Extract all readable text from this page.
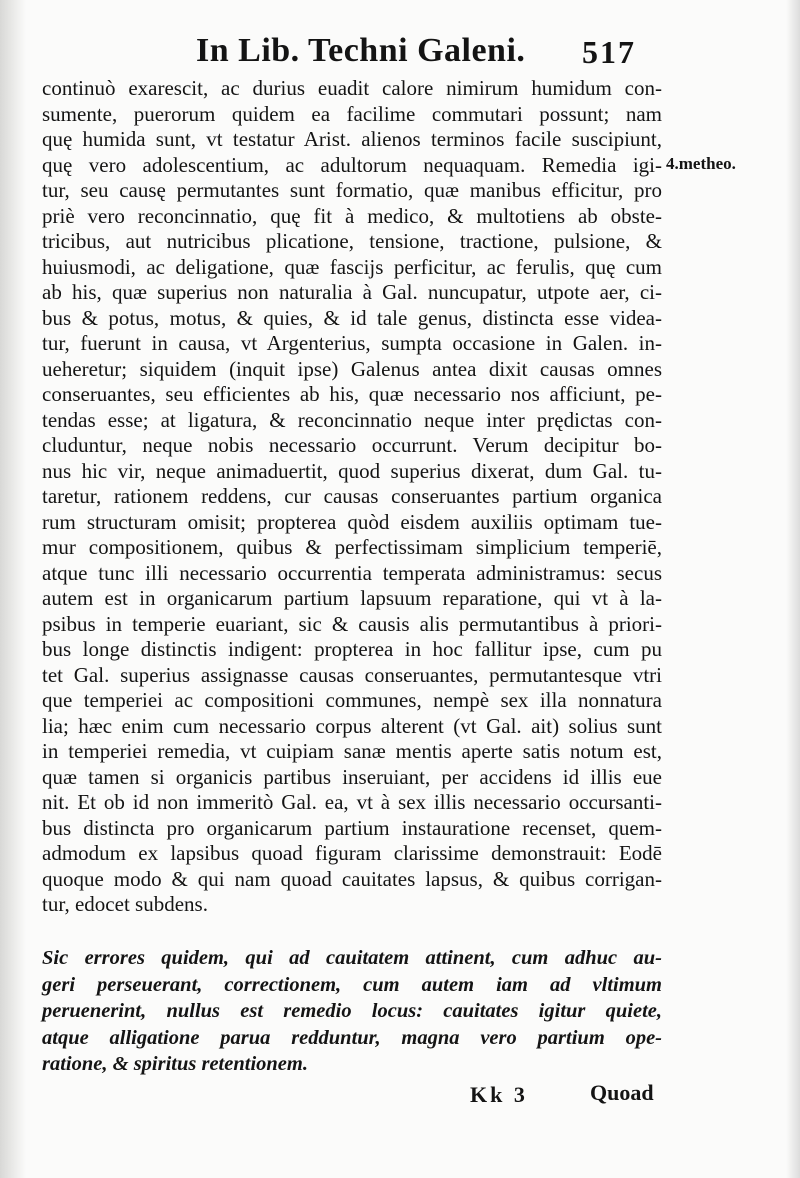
In Lib. Techni Galeni. 517
4.metheo.
continuò exarescit, ac durius euadit calore nimirum humidum con-
sumente, puerorum quidem ea facilime commutari possunt; nam
quę humida sunt, vt testatur Arist. alienos terminos facile suscipiunt,
quę vero adolescentium, ac adultorum nequaquam. Remedia igi-
tur, seu causę permutantes sunt formatio, quæ manibus efficitur, pro
priè vero reconcinnatio, quę fit à medico, & multotiens ab obste-
tricibus, aut nutricibus plicatione, tensione, tractione, pulsione, &
huiusmodi, ac deligatione, quæ fascijs perficitur, ac ferulis, quę cum
ab his, quæ superius non naturalia à Gal. nuncupatur, utpote aer, ci-
bus & potus, motus, & quies, & id tale genus, distincta esse videa-
tur, fuerunt in causa, vt Argenterius, sumpta occasione in Galen. in-
ueheretur; siquidem (inquit ipse) Galenus antea dixit causas omnes
conseruantes, seu efficientes ab his, quæ necessario nos afficiunt, pe-
tendas esse; at ligatura, & reconcinnatio neque inter prędictas con-
cluduntur, neque nobis necessario occurrunt. Verum decipitur bo-
nus hic vir, neque animaduertit, quod superius dixerat, dum Gal. tu-
taretur, rationem reddens, cur causas conseruantes partium organica
rum structuram omisit; propterea quòd eisdem auxiliis optimam tue-
mur compositionem, quibus & perfectissimam simplicium temperiē,
atque tunc illi necessario occurrentia temperata administramus: secus
autem est in organicarum partium lapsuum reparatione, qui vt à la-
psibus in temperie euariant, sic & causis alis permutantibus à priori-
bus longe distinctis indigent: propterea in hoc fallitur ipse, cum pu
tet Gal. superius assignasse causas conseruantes, permutantesque vtri
que temperiei ac compositioni communes, nempè sex illa nonnatura
lia; hæc enim cum necessario corpus alterent (vt Gal. ait) solius sunt
in temperiei remedia, vt cuipiam sanæ mentis aperte satis notum est,
quæ tamen si organicis partibus inseruiant, per accidens id illis eue
nit. Et ob id non immeritò Gal. ea, vt à sex illis necessario occursanti-
bus distincta pro organicarum partium instauratione recenset, quem-
admodum ex lapsibus quoad figuram clarissime demonstrauit: Eodē
quoque modo & qui nam quoad cauitates lapsus, & quibus corrigan-
tur, edocet subdens.
Sic errores quidem, qui ad cauitatem attinent, cum adhuc au-
geri perseuerant, correctionem, cum autem iam ad vltimum
peruenerint, nullus est remedio locus: cauitates igitur quiete,
atque alligatione parua redduntur, magna vero partium ope-
ratione, & spiritus retentionem.
Kk 3	Quoad
